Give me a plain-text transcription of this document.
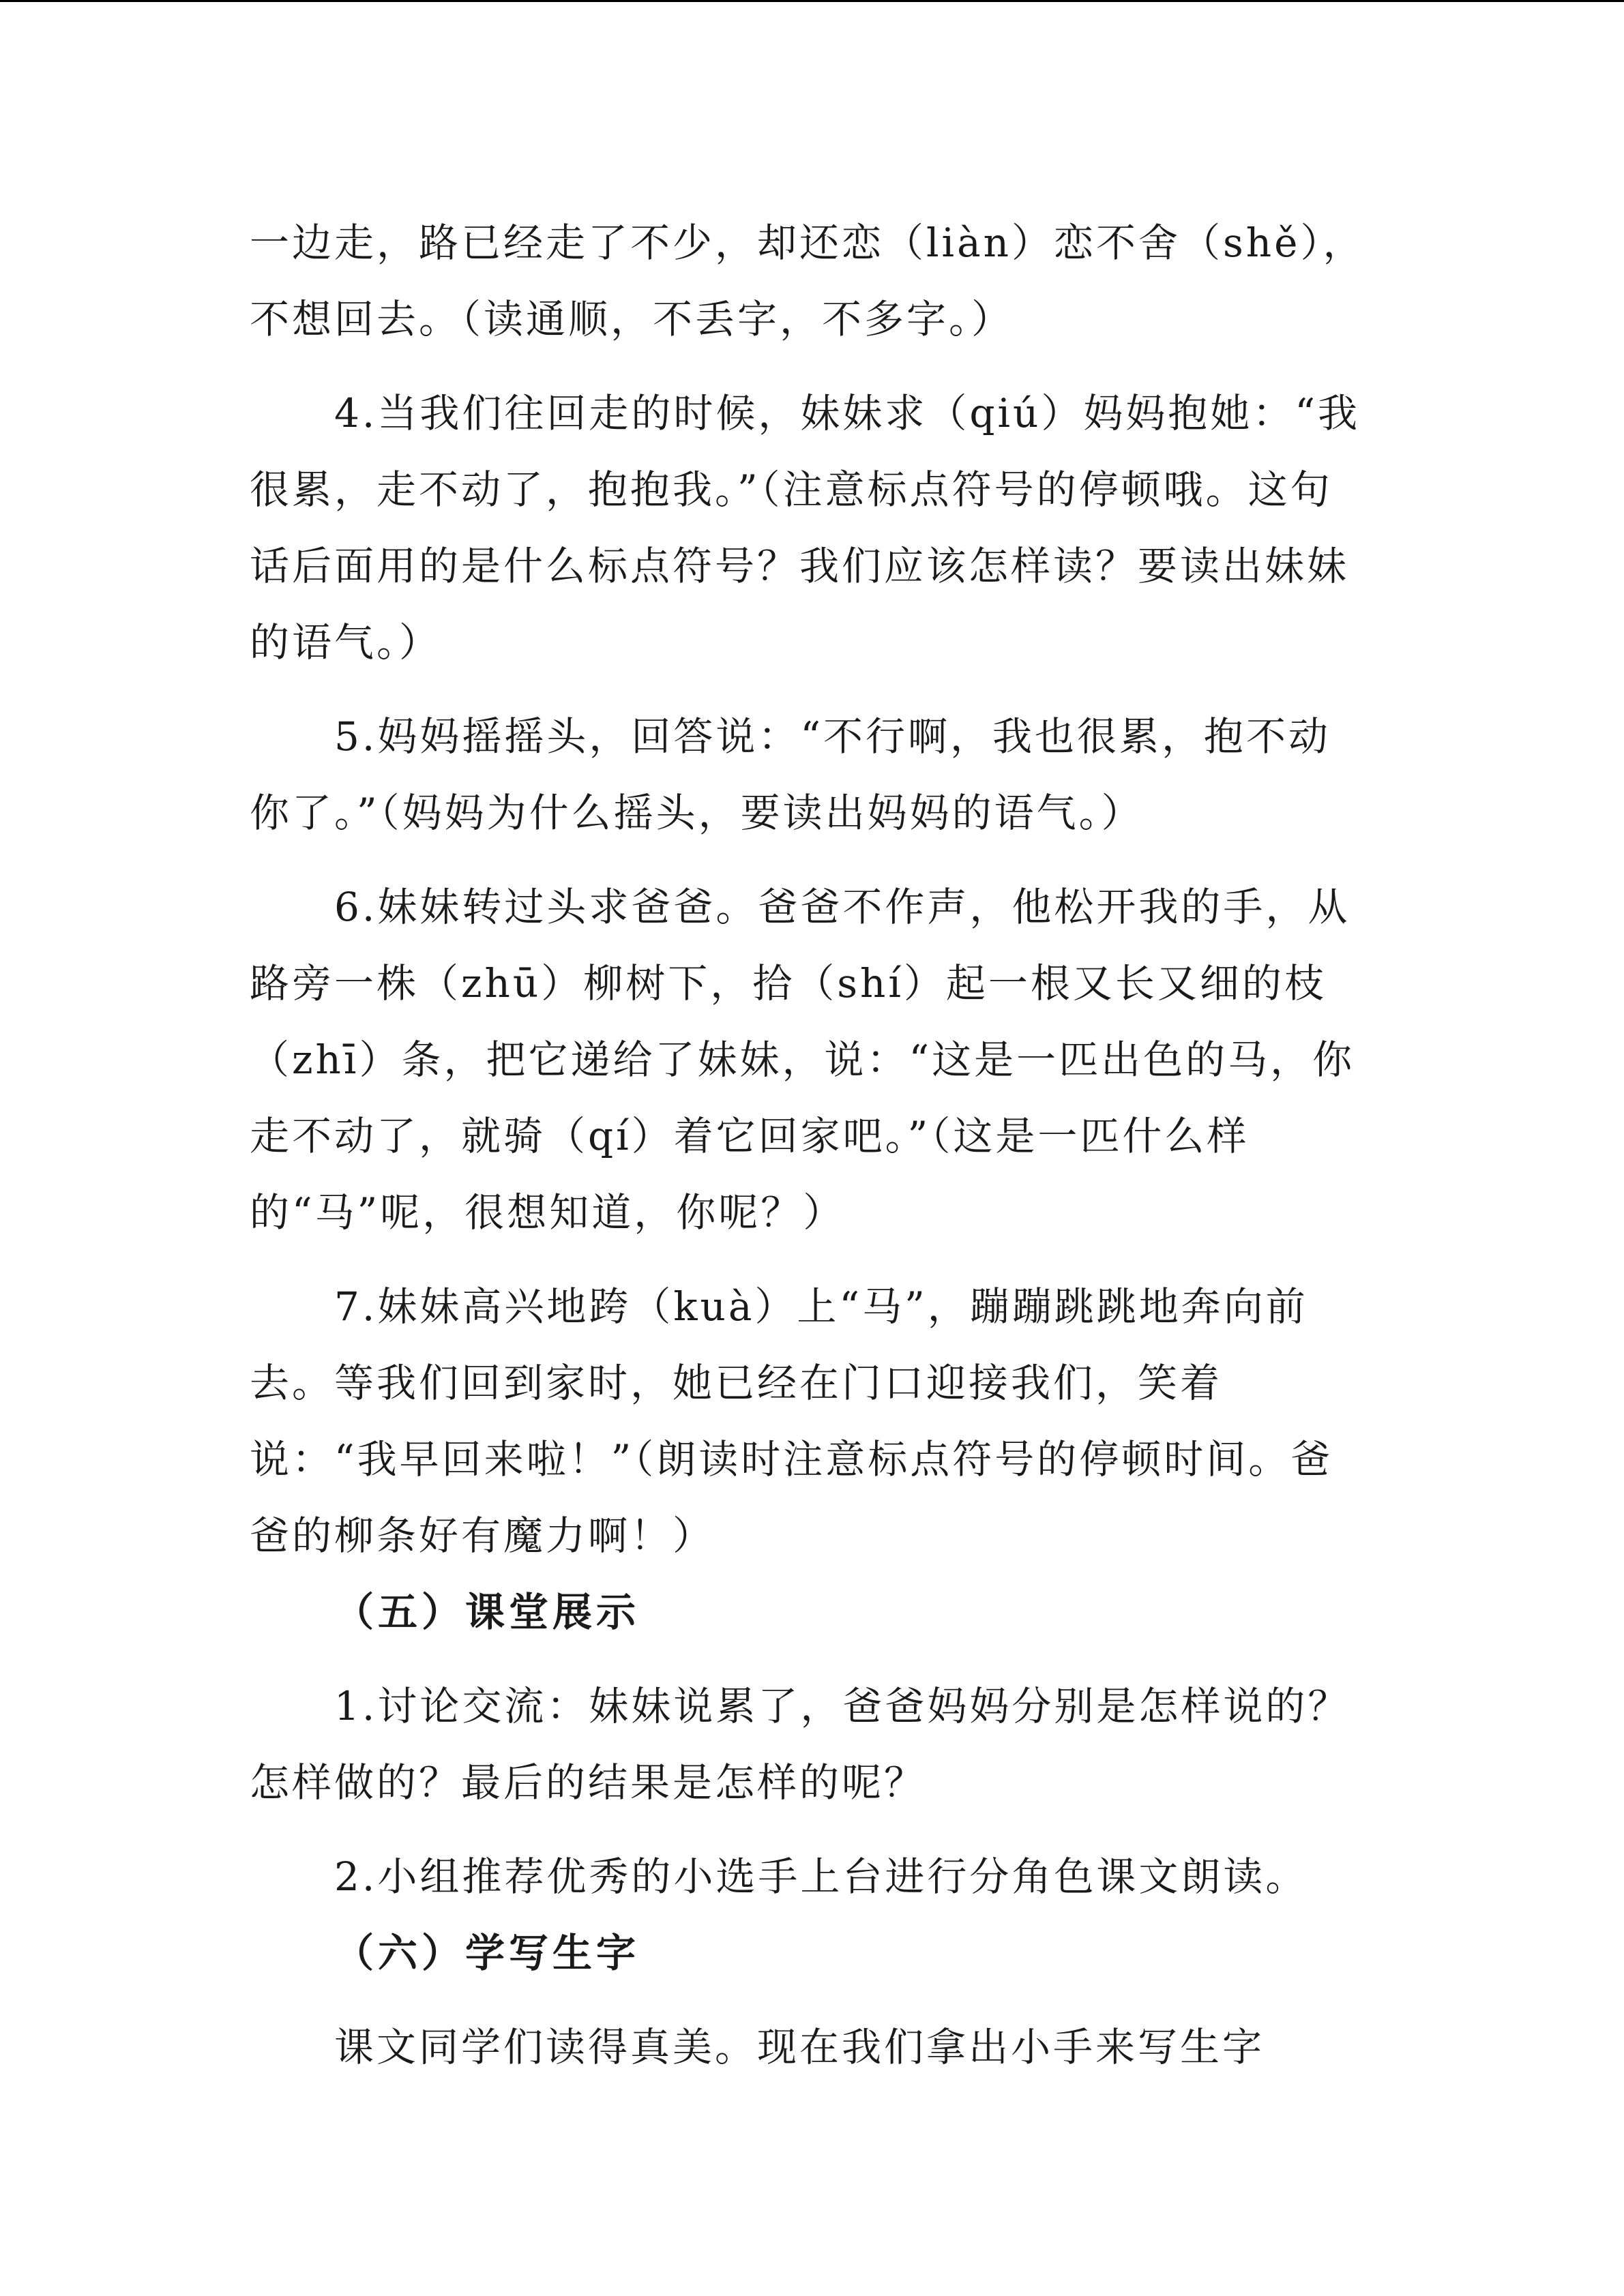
一边走，路已经走了不少，却还恋（liàn）恋不舍（shě），不想回去。（读通顺，不丢字，不多字。）

4.当我们往回走的时候，妹妹求（qiú）妈妈抱她：“我很累，走不动了，抱抱我。”（注意标点符号的停顿哦。这句话后面用的是什么标点符号？我们应该怎样读？要读出妹妹的语气。）

5.妈妈摇摇头，回答说：“不行啊，我也很累，抱不动你了。”（妈妈为什么摇头，要读出妈妈的语气。）

6.妹妹转过头求爸爸。爸爸不作声，他松开我的手，从路旁一株（zhū）柳树下，拾（shí）起一根又长又细的枝（zhī）条，把它递给了妹妹，说：“这是一匹出色的马，你走不动了，就骑（qí）着它回家吧。”（这是一匹什么样的“马”呢，很想知道，你呢？）

7.妹妹高兴地跨（kuà）上“马”，蹦蹦跳跳地奔向前去。等我们回到家时，她已经在门口迎接我们，笑着说：“我早回来啦！”（朗读时注意标点符号的停顿时间。爸爸的柳条好有魔力啊！）

（五）课堂展示

1.讨论交流：妹妹说累了，爸爸妈妈分别是怎样说的？怎样做的？最后的结果是怎样的呢？

2.小组推荐优秀的小选手上台进行分角色课文朗读。

（六）学写生字

课文同学们读得真美。现在我们拿出小手来写生字
